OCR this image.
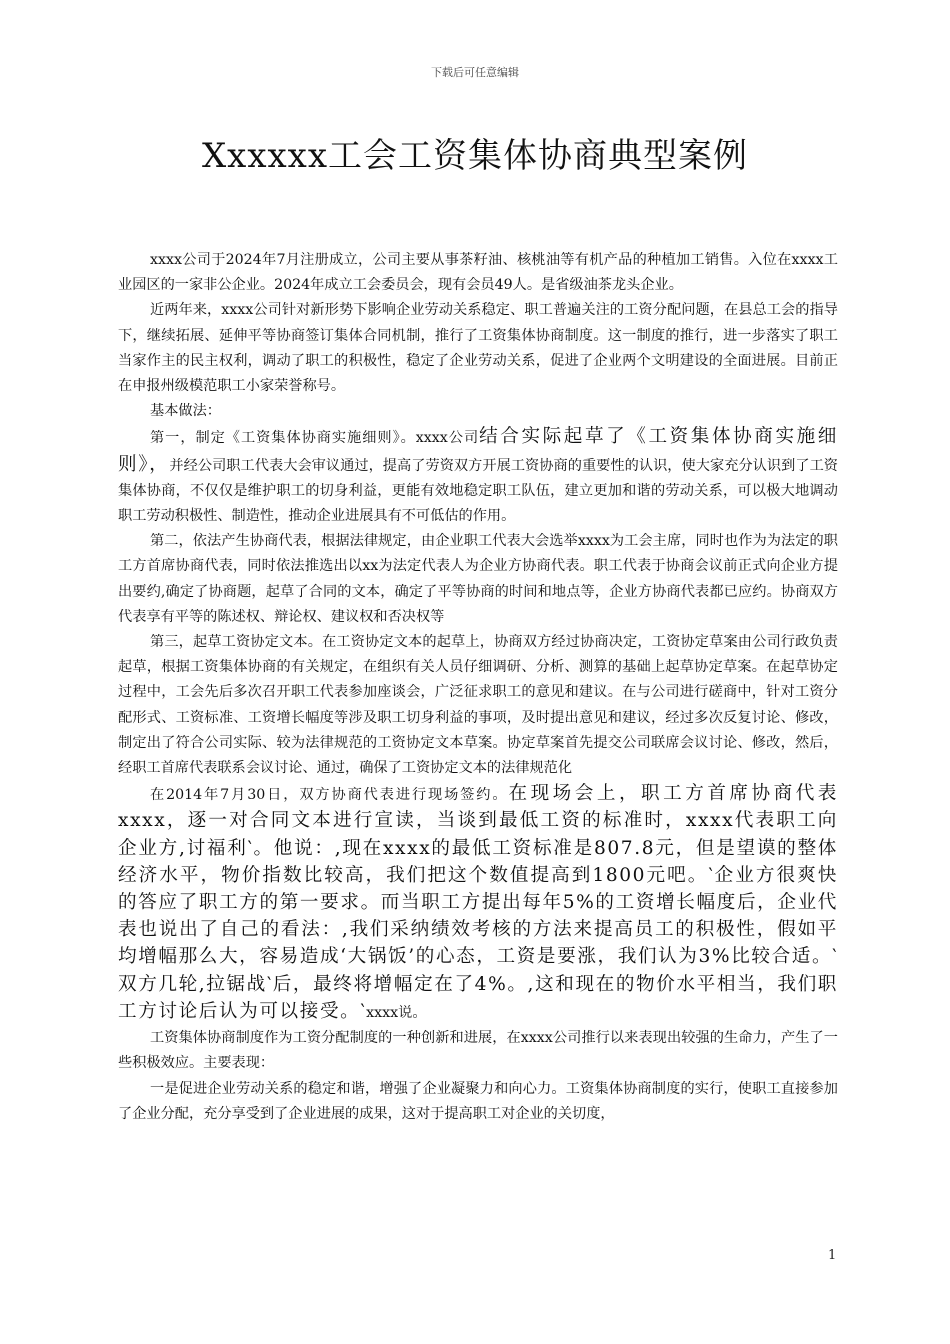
下载后可任意编辑
Xxxxxx工会工资集体协商典型案例

xxxx公司于2024年7月注册成立，公司主要从事茶籽油、核桃油等有机产品的种植加工销售。入位在xxxx工业园区的一家非公企业。2024年成立工会委员会，现有会员49人。是省级油茶龙头企业。

近两年来，xxxx公司针对新形势下影响企业劳动关系稳定、职工普遍关注的工资分配问题，在县总工会的指导下，继续拓展、延伸平等协商签订集体合同机制，推行了工资集体协商制度。这一制度的推行，进一步落实了职工当家作主的民主权利，调动了职工的积极性，稳定了企业劳动关系，促进了企业两个文明建设的全面进展。目前正在申报州级模范职工小家荣誉称号。

基本做法：

第一，制定《工资集体协商实施细则》。xxxx公司结合实际起草了《工资集体协商实施细则》，并经公司职工代表大会审议通过，提高了劳资双方开展工资协商的重要性的认识，使大家充分认识到了工资集体协商，不仅仅是维护职工的切身利益，更能有效地稳定职工队伍，建立更加和谐的劳动关系，可以极大地调动职工劳动积极性、制造性，推动企业进展具有不可低估的作用。

第二，依法产生协商代表，根据法律规定，由企业职工代表大会选举xxxx为工会主席，同时也作为为法定的职工方首席协商代表，同时依法推选出以xx为法定代表人为企业方协商代表。职工代表于协商会议前正式向企业方提出要约,确定了协商题，起草了合同的文本，确定了平等协商的时间和地点等，企业方协商代表都已应约。协商双方代表享有平等的陈述权、辩论权、建议权和否决权等

第三，起草工资协定文本。在工资协定文本的起草上，协商双方经过协商决定，工资协定草案由公司行政负责起草，根据工资集体协商的有关规定，在组织有关人员仔细调研、分析、测算的基础上起草协定草案。在起草协定过程中，工会先后多次召开职工代表参加座谈会，广泛征求职工的意见和建议。在与公司进行磋商中，针对工资分配形式、工资标准、工资增长幅度等涉及职工切身利益的事项，及时提出意见和建议，经过多次反复讨论、修改，制定出了符合公司实际、较为法律规范的工资协定文本草案。协定草案首先提交公司联席会议讨论、修改，然后，经职工首席代表联系会议讨论、通过，确保了工资协定文本的法律规范化

在2014年7月30日，双方协商代表进行现场签约。在现场会上，职工方首席协商代表xxxx，逐一对合同文本进行宣读，当谈到最低工资的标准时，xxxx代表职工向企业方,讨福利‵。他说：,现在xxxx的最低工资标准是807.8元，但是望谟的整体经济水平，物价指数比较高，我们把这个数值提高到1800元吧。‵企业方很爽快的答应了职工方的第一要求。而当职工方提出每年5%的工资增长幅度后，企业代表也说出了自己的看法：,我们采纳绩效考核的方法来提高员工的积极性，假如平均增幅那么大，容易造成‘大锅饭’的心态，工资是要涨，我们认为3%比较合适。‵双方几轮,拉锯战‵后，最终将增幅定在了4%。,这和现在的物价水平相当，我们职工方讨论后认为可以接受。‵xxxx说。

工资集体协商制度作为工资分配制度的一种创新和进展，在xxxx公司推行以来表现出较强的生命力，产生了一些积极效应。主要表现：

一是促进企业劳动关系的稳定和谐，增强了企业凝聚力和向心力。工资集体协商制度的实行，使职工直接参加了企业分配，充分享受到了企业进展的成果，这对于提高职工对企业的关切度，

1
